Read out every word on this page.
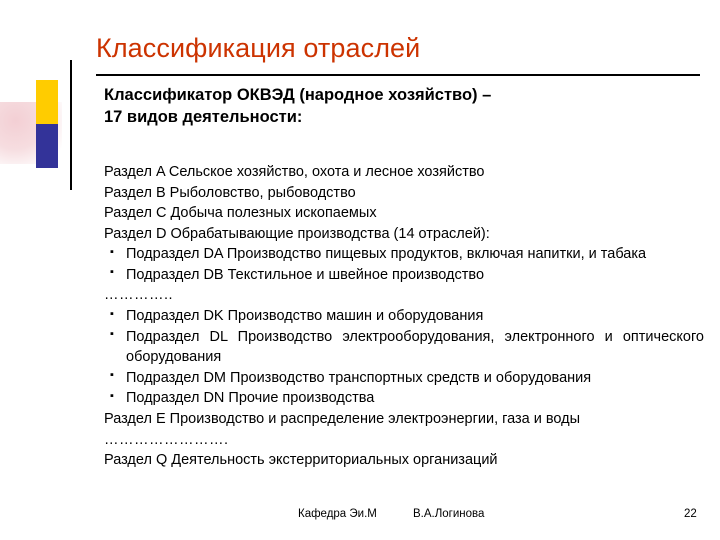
Классификация отраслей
Классификатор ОКВЭД (народное хозяйство) –
17 видов деятельности:
Раздел A Сельское хозяйство, охота и лесное хозяйство
Раздел B Рыболовство, рыбоводство
Раздел C Добыча полезных ископаемых
Раздел D Обрабатывающие производства (14 отраслей):
▪ Подраздел DA Производство пищевых продуктов, включая напитки, и табака
▪ Подраздел DB Текстильное и швейное производство
…………..
▪ Подраздел DK Производство машин и оборудования
▪ Подраздел DL Производство электрооборудования, электронного и оптического оборудования
▪ Подраздел DM Производство транспортных средств и оборудования
▪ Подраздел DN Прочие производства
Раздел E Производство и распределение электроэнергии, газа и воды
…………………….
Раздел Q Деятельность экстерриториальных организаций
Кафедра Эи.М	В.А.Логинова	22
